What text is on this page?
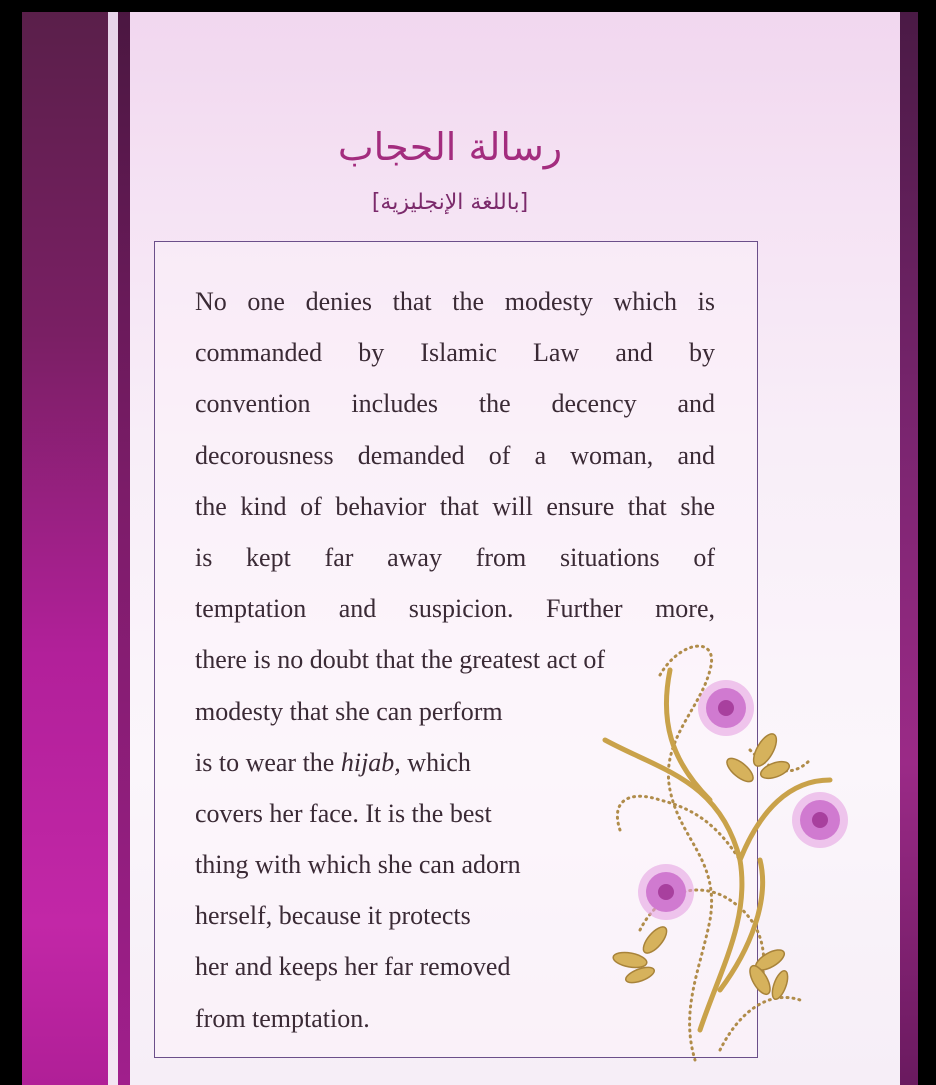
رسالة الحجاب
[باللغة الإنجليزية]
No one denies that the modesty which is
commanded by Islamic Law and by
convention includes the decency and
decorousness demanded of a woman, and
the kind of behavior that will ensure that she
is kept far away from situations of
temptation and suspicion. Further more,
there is no doubt that the greatest act of
modesty that she can perform
is to wear the hijab, which
covers her face. It is the best
thing with which she can adorn
herself, because it protects
her and keeps her far removed
from temptation.
